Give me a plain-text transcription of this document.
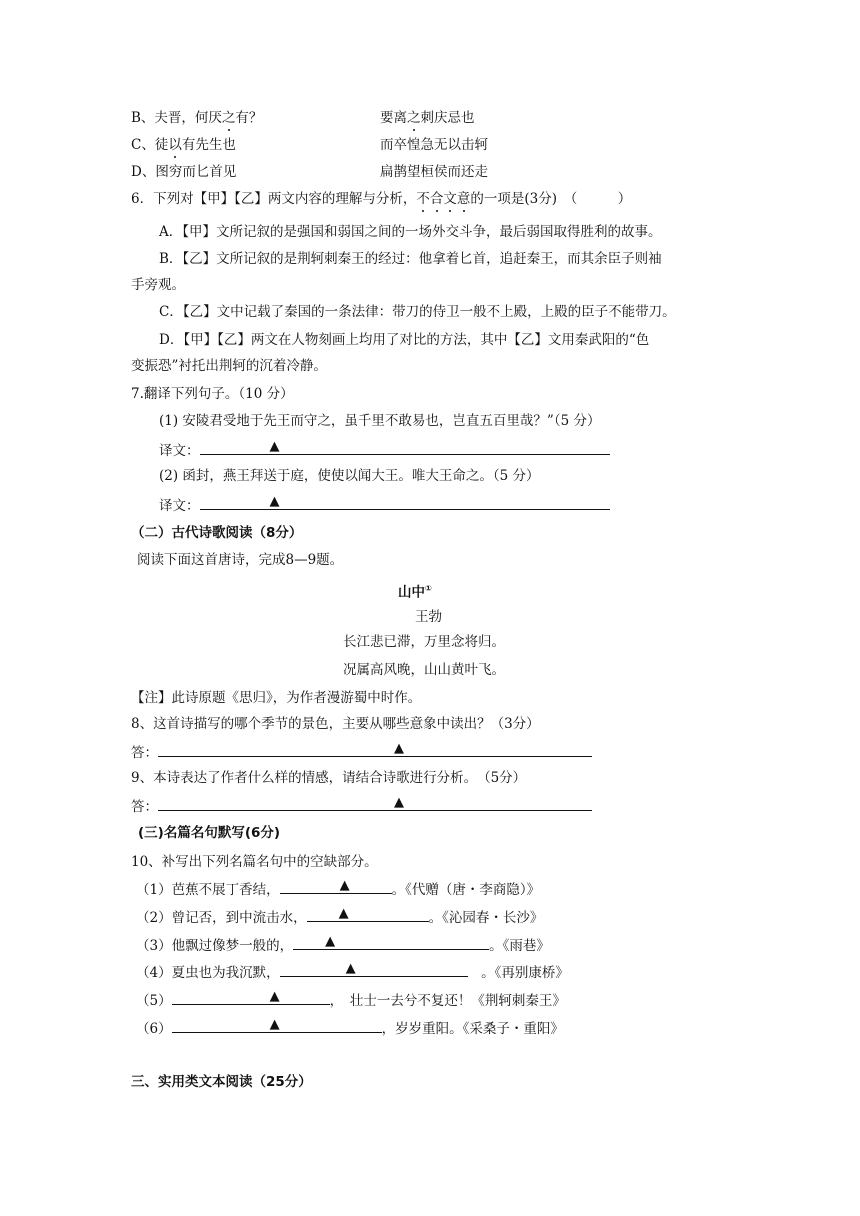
B、夫晋，何厌之有？	要离之刺庆忌也
C、徒以有先生也	而卒惶急无以击轲
D、图穷而匕首见	扁鹊望桓侯而还走
6．下列对【甲】【乙】两文内容的理解与分析，不合文意的一项是(3分)　（　　　）
A．【甲】文所记叙的是强国和弱国之间的一场外交斗争，最后弱国取得胜利的故事。
B．【乙】文所记叙的是荆轲刺秦王的经过：他拿着匕首，追赶秦王，而其余臣子则袖
手旁观。
C．【乙】文中记载了秦国的一条法律：带刀的侍卫一般不上殿，上殿的臣子不能带刀。
D．【甲】【乙】两文在人物刻画上均用了对比的方法，其中【乙】文用秦武阳的“色
变振恐”衬托出荆轲的沉着冷静。
7.翻译下列句子。（10 分）
(1) 安陵君受地于先王而守之，虽千里不敢易也，岂直五百里哉？”（5 分）
译文：	▲
(2) 函封，燕王拜送于庭，使使以闻大王。唯大王命之。（5 分）
译文：	▲
（二）古代诗歌阅读（8分）
阅读下面这首唐诗，完成8—9题。
山中①
王勃
长江悲已滞，万里念将归。
况属高风晚，山山黄叶飞。
【注】此诗原题《思归》，为作者漫游蜀中时作。
8、这首诗描写的哪个季节的景色，主要从哪些意象中读出？（3分）
答：	▲
9、本诗表达了作者什么样的情感，请结合诗歌进行分析。　（5分）
答：	▲
(三)名篇名句默写(6分)
10、补写出下列名篇名句中的空缺部分。
（1）芭蕉不展丁香结，	▲	。《代赠（唐・李商隐）》
（2）曾记否，到中流击水， ▲	。《沁园春・长沙》
（3）他飘过像梦一般的， ▲	。《雨巷》
（4）夏虫也为我沉默，	▲	　。《再别康桥》
（5）	▲	，　壮士一去兮不复还！《荆轲刺秦王》
（6）	▲	，岁岁重阳。《采桑子・重阳》
三、实用类文本阅读（25分）
